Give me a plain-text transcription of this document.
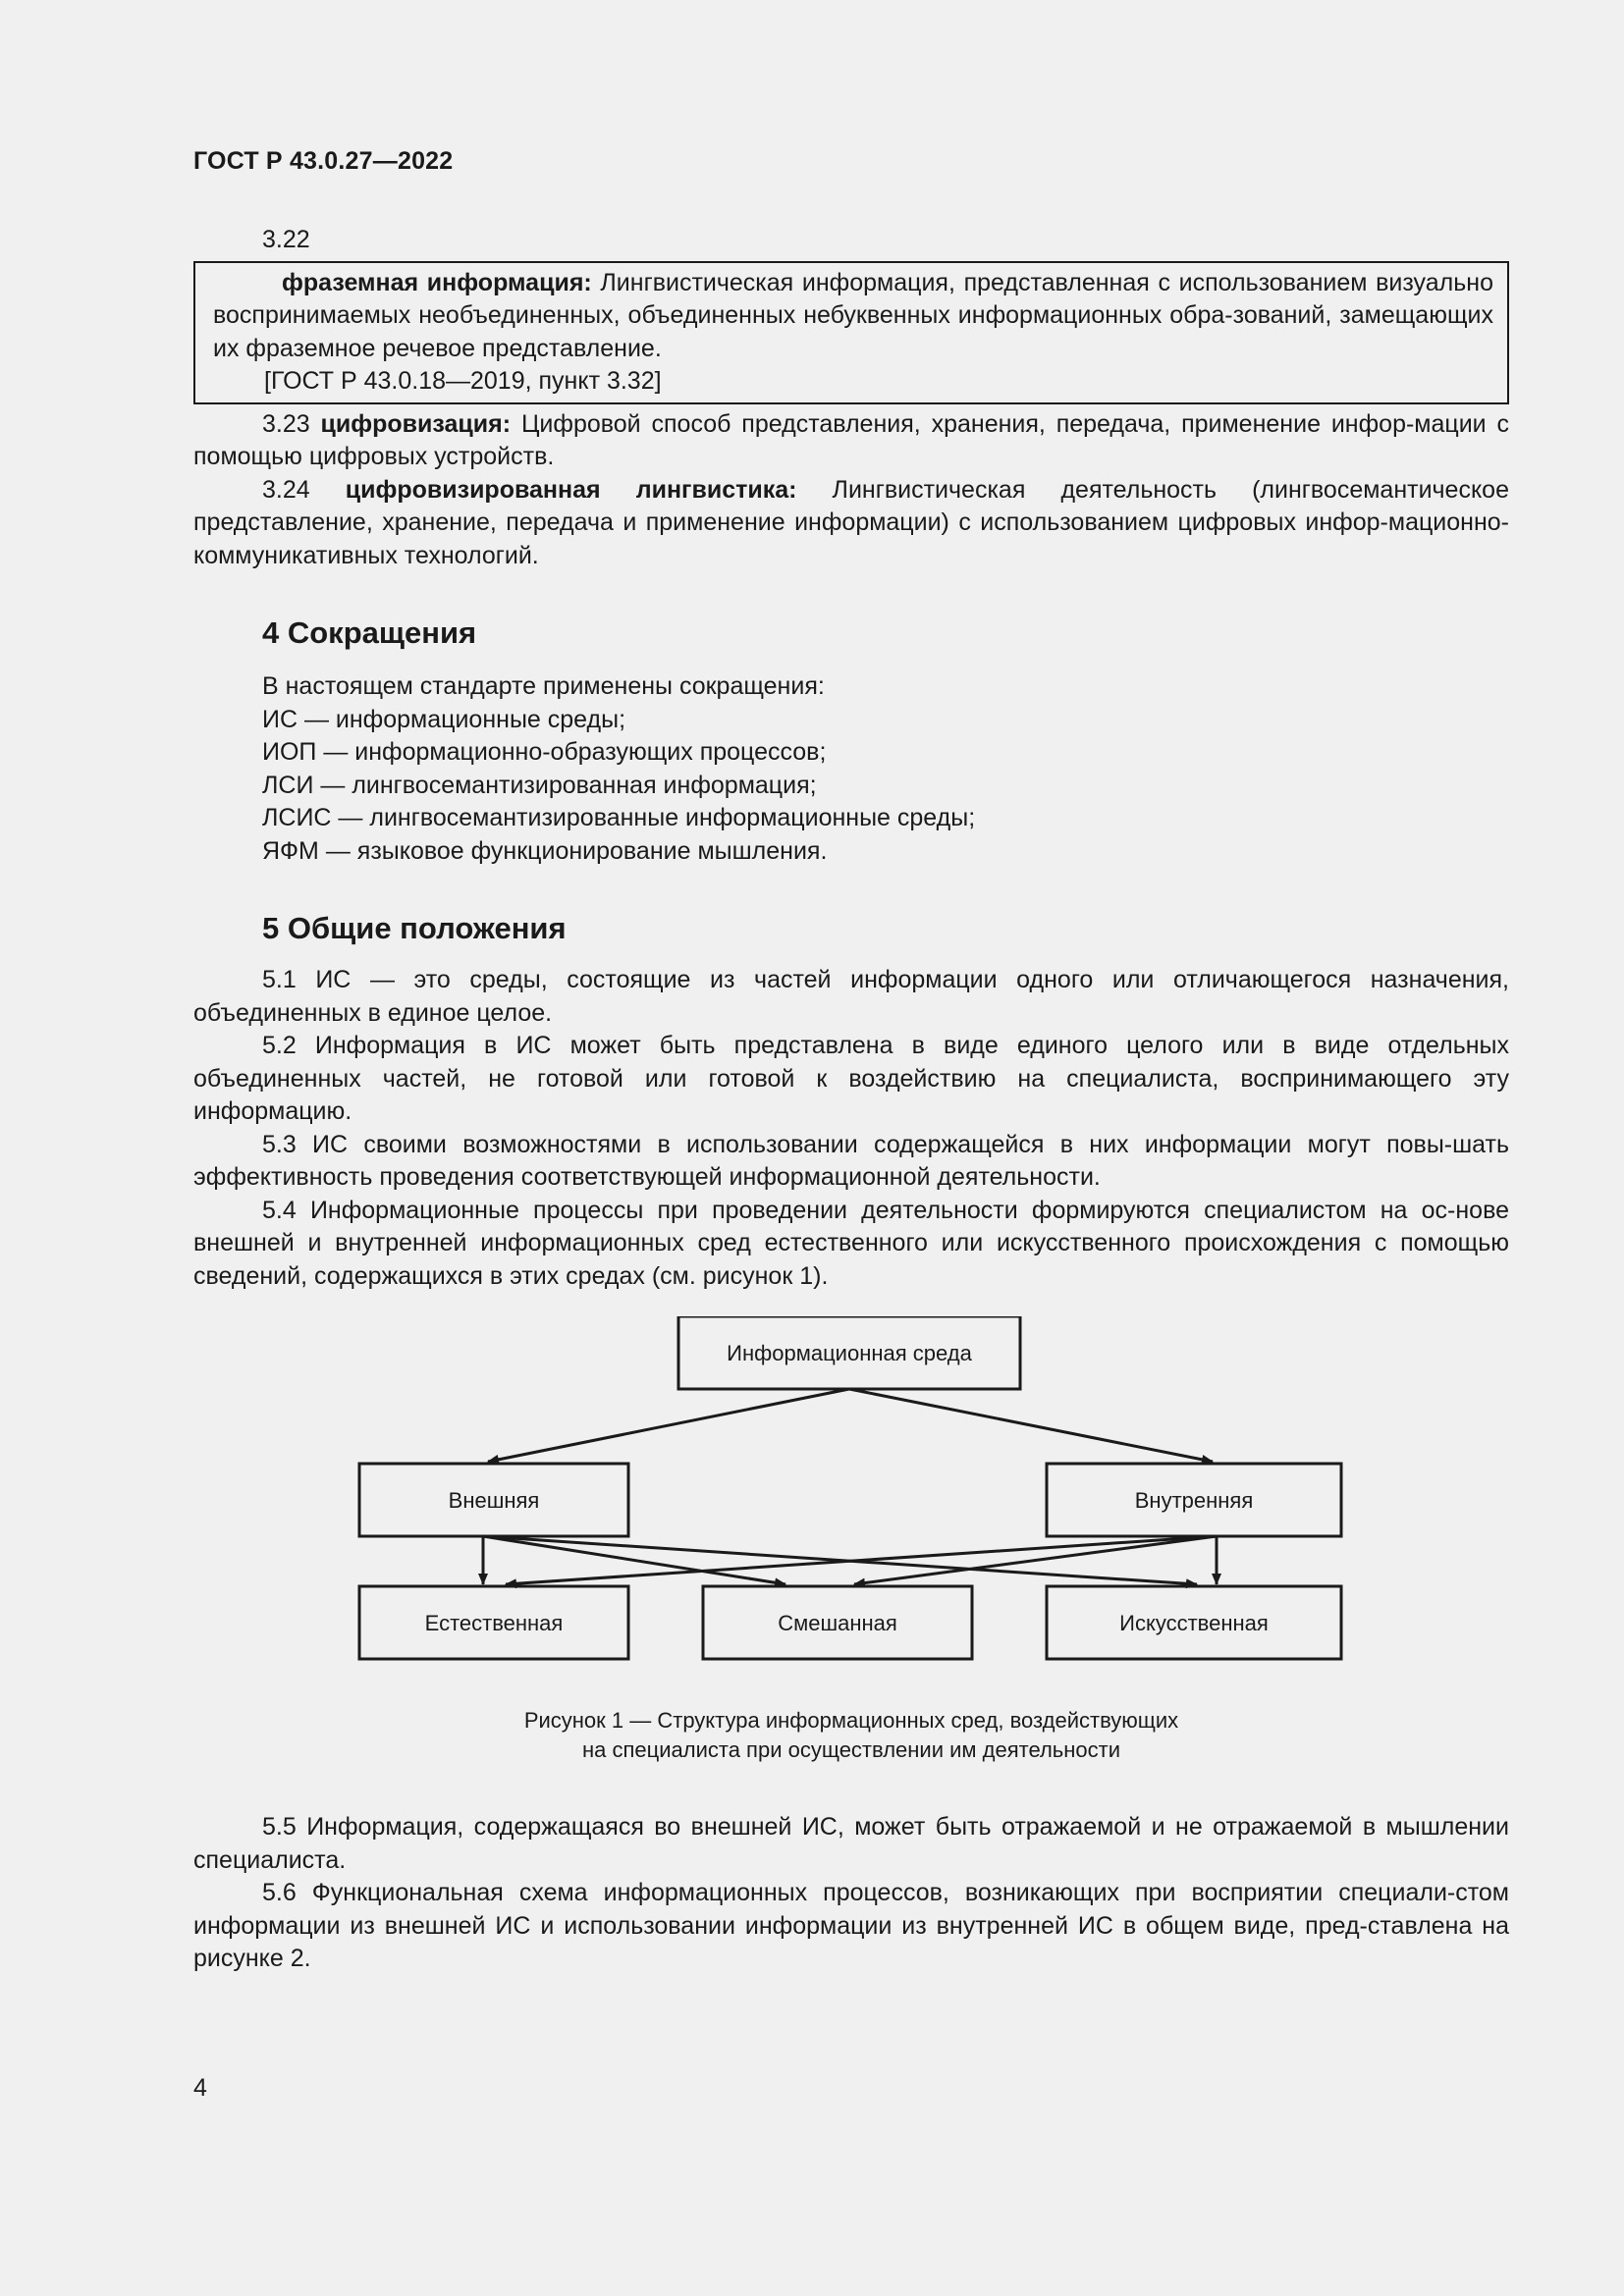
ГОСТ Р 43.0.27—2022
3.22

фраземная информация: Лингвистическая информация, представленная с использованием визуально воспринимаемых необъединенных, объединенных небуквенных информационных обра-зований, замещающих их фраземное речевое представление.

[ГОСТ Р 43.0.18—2019, пункт 3.32]

3.23 цифровизация: Цифровой способ представления, хранения, передача, применение инфор-мации с помощью цифровых устройств.

3.24 цифровизированная лингвистика: Лингвистическая деятельность (лингвосемантическое представление, хранение, передача и применение информации) с использованием цифровых инфор-мационно-коммуникативных технологий.

4 Сокращения

В настоящем стандарте применены сокращения:

ИС — информационные среды;

ИОП — информационно-образующих процессов;

ЛСИ — лингвосемантизированная информация;

ЛСИС — лингвосемантизированные информационные среды;

ЯФМ — языковое функционирование мышления.

5 Общие положения

5.1 ИС — это среды, состоящие из частей информации одного или отличающегося назначения, объединенных в единое целое.

5.2 Информация в ИС может быть представлена в виде единого целого или в виде отдельных объединенных частей, не готовой или готовой к воздействию на специалиста, воспринимающего эту информацию.

5.3 ИС своими возможностями в использовании содержащейся в них информации могут повы-шать эффективность проведения соответствующей информационной деятельности.

5.4 Информационные процессы при проведении деятельности формируются специалистом на ос-нове внешней и внутренней информационных сред естественного или искусственного происхождения с помощью сведений, содержащихся в этих средах (см. рисунок 1).

Информационная среда
Внешняя	Внутренняя
Естественная	Смешанная	Искусственная
Рисунок 1 — Структура информационных сред, воздействующих
на специалиста при осуществлении им деятельности

5.5 Информация, содержащаяся во внешней ИС, может быть отражаемой и не отражаемой в мышлении специалиста.

5.6 Функциональная схема информационных процессов, возникающих при восприятии специали-стом информации из внешней ИС и использовании информации из внутренней ИС в общем виде, пред-ставлена на рисунке 2.

4
